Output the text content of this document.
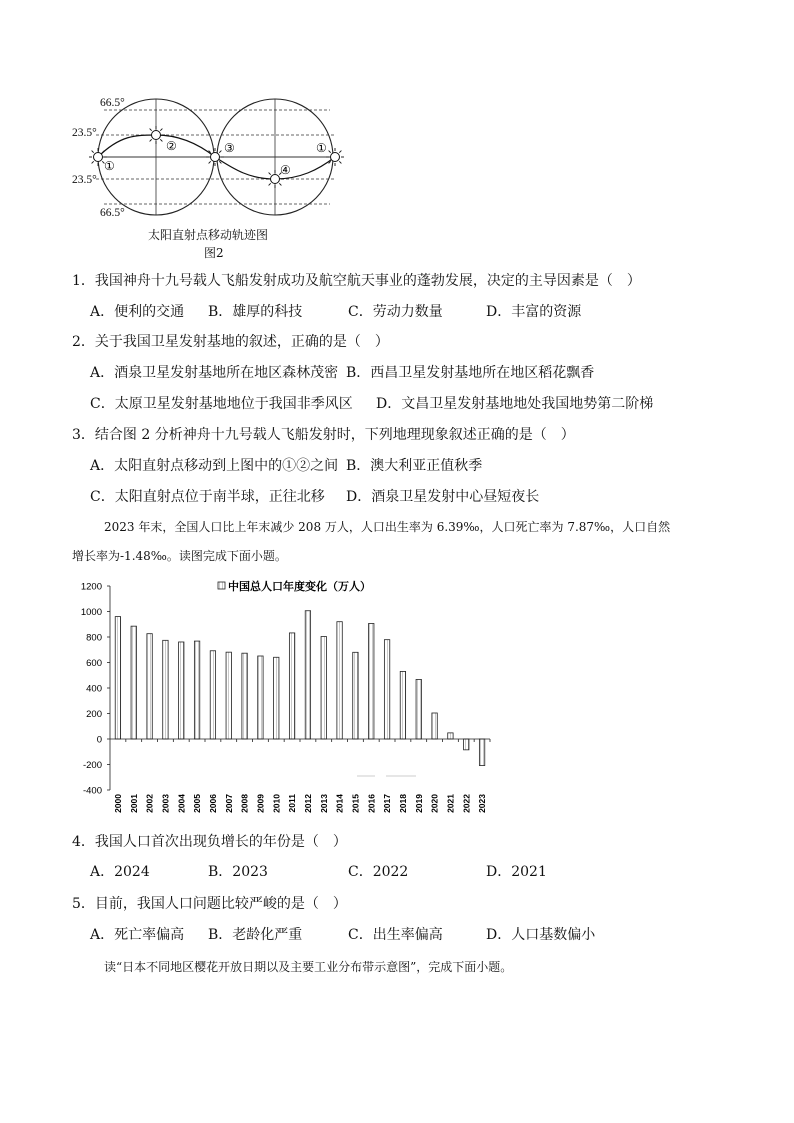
①
②	③
④
①
66.5°
23.5°
23.5°
66.5°
太阳直射点移动轨迹图
图2
1．我国神舟十九号载人飞船发射成功及航空航天事业的蓬勃发展，决定的主导因素是（　）
A．便利的交通 B．雄厚的科技	C．劳动力数量	D．丰富的资源
2．关于我国卫星发射基地的叙述，正确的是（　）
A．酒泉卫星发射基地所在地区森林茂密 B．西昌卫星发射基地所在地区稻花飘香
C．太原卫星发射基地地位于我国非季风区 D．文昌卫星发射基地地处我国地势第二阶梯
3．结合图 2 分析神舟十九号载人飞船发射时，下列地理现象叙述正确的是（　）
A．太阳直射点移动到上图中的①②之间 B．澳大利亚正值秋季
C．太阳直射点位于南半球，正往北移 D．酒泉卫星发射中心昼短夜长
2023 年末，全国人口比上年末减少 208 万人，人口出生率为 6.39‰，人口死亡率为 7.87‰，人口自然
增长率为-1.48‰。读图完成下面小题。
中国总人口年度变化（万人）
1200
1000
800
600
400
200
0
-200
-400
2000 2001 2002 2003 2004 2005 2006 2007 2008 2009 2010 2011 2012 2013 2014 2015 2016 2017 2018 2019 2020 2021 2022 2023
4．我国人口首次出现负增长的年份是（　）
A．2024	B．2023	C．2022	D．2021
5．目前，我国人口问题比较严峻的是（　）
A．死亡率偏高 B．老龄化严重	C．出生率偏高	D．人口基数偏小
读“日本不同地区樱花开放日期以及主要工业分布带示意图”，完成下面小题。
